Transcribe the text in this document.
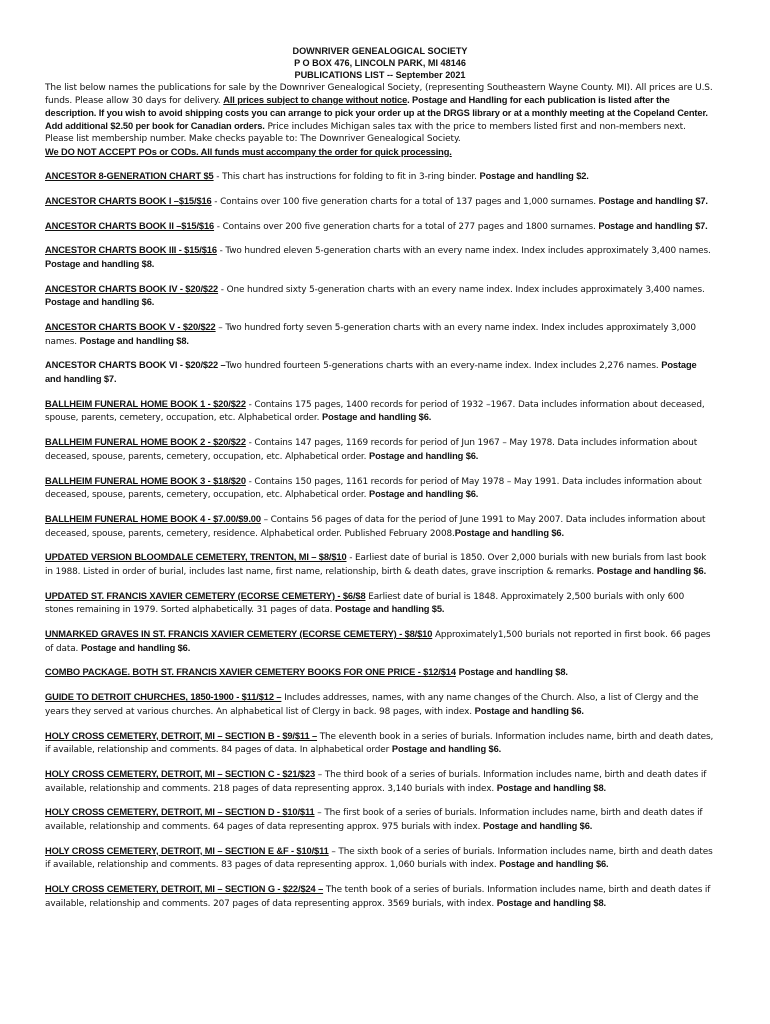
DOWNRIVER GENEALOGICAL SOCIETY
P O BOX 476, LINCOLN PARK, MI 48146
PUBLICATIONS LIST -- September 2021
The list below names the publications for sale by the Downriver Genealogical Society, (representing Southeastern Wayne County. MI). All prices are U.S. funds. Please allow 30 days for delivery. All prices subject to change without notice. Postage and Handling for each publication is listed after the description. If you wish to avoid shipping costs you can arrange to pick your order up at the DRGS library or at a monthly meeting at the Copeland Center. Add additional $2.50 per book for Canadian orders. Price includes Michigan sales tax with the price to members listed first and non-members next. Please list membership number. Make checks payable to: The Downriver Genealogical Society.
We DO NOT ACCEPT POs or CODs. All funds must accompany the order for quick processing.
ANCESTOR 8-GENERATION CHART $5 - This chart has instructions for folding to fit in 3-ring binder. Postage and handling $2.
ANCESTOR CHARTS BOOK I –$15/$16 - Contains over 100 five generation charts for a total of 137 pages and 1,000 surnames. Postage and handling $7.
ANCESTOR CHARTS BOOK II –$15/$16 - Contains over 200 five generation charts for a total of 277 pages and 1800 surnames. Postage and handling $7.
ANCESTOR CHARTS BOOK III - $15/$16 - Two hundred eleven 5-generation charts with an every name index. Index includes approximately 3,400 names. Postage and handling $8.
ANCESTOR CHARTS BOOK IV - $20/$22 - One hundred sixty 5-generation charts with an every name index. Index includes approximately 3,400 names. Postage and handling $6.
ANCESTOR CHARTS BOOK V - $20/$22 – Two hundred forty seven 5-generation charts with an every name index. Index includes approximately 3,000 names. Postage and handling $8.
ANCESTOR CHARTS BOOK VI - $20/$22 –Two hundred fourteen 5-generations charts with an every-name index. Index includes 2,276 names. Postage and handling $7.
BALLHEIM FUNERAL HOME BOOK 1 - $20/$22 - Contains 175 pages, 1400 records for period of 1932 –1967. Data includes information about deceased, spouse, parents, cemetery, occupation, etc. Alphabetical order. Postage and handling $6.
BALLHEIM FUNERAL HOME BOOK 2 - $20/$22 - Contains 147 pages, 1169 records for period of Jun 1967 – May 1978. Data includes information about deceased, spouse, parents, cemetery, occupation, etc. Alphabetical order. Postage and handling $6.
BALLHEIM FUNERAL HOME BOOK 3 - $18/$20 - Contains 150 pages, 1161 records for period of May 1978 – May 1991. Data includes information about deceased, spouse, parents, cemetery, occupation, etc. Alphabetical order. Postage and handling $6.
BALLHEIM FUNERAL HOME BOOK 4 - $7.00/$9.00 – Contains 56 pages of data for the period of June 1991 to May 2007. Data includes information about deceased, spouse, parents, cemetery, residence. Alphabetical order. Published February 2008.Postage and handling $6.
UPDATED VERSION BLOOMDALE CEMETERY, TRENTON, MI – $8/$10 - Earliest date of burial is 1850. Over 2,000 burials with new burials from last book in 1988. Listed in order of burial, includes last name, first name, relationship, birth & death dates, grave inscription & remarks. Postage and handling $6.
UPDATED ST. FRANCIS XAVIER CEMETERY (ECORSE CEMETERY) - $6/$8 Earliest date of burial is 1848. Approximately 2,500 burials with only 600 stones remaining in 1979. Sorted alphabetically. 31 pages of data. Postage and handling $5.
UNMARKED GRAVES IN ST. FRANCIS XAVIER CEMETERY (ECORSE CEMETERY) - $8/$10 Approximately1,500 burials not reported in first book. 66 pages of data. Postage and handling $6.
COMBO PACKAGE. BOTH ST. FRANCIS XAVIER CEMETERY BOOKS FOR ONE PRICE - $12/$14 Postage and handling $8.
GUIDE TO DETROIT CHURCHES, 1850-1900 - $11/$12 – Includes addresses, names, with any name changes of the Church. Also, a list of Clergy and the years they served at various churches. An alphabetical list of Clergy in back. 98 pages, with index. Postage and handling $6.
HOLY CROSS CEMETERY, DETROIT, MI – SECTION B - $9/$11 – The eleventh book in a series of burials. Information includes name, birth and death dates, if available, relationship and comments. 84 pages of data. In alphabetical order Postage and handling $6.
HOLY CROSS CEMETERY, DETROIT, MI – SECTION C - $21/$23 – The third book of a series of burials. Information includes name, birth and death dates if available, relationship and comments. 218 pages of data representing approx. 3,140 burials with index. Postage and handling $8.
HOLY CROSS CEMETERY, DETROIT, MI – SECTION D - $10/$11 – The first book of a series of burials. Information includes name, birth and death dates if available, relationship and comments. 64 pages of data representing approx. 975 burials with index. Postage and handling $6.
HOLY CROSS CEMETERY, DETROIT, MI – SECTION E &F - $10/$11 – The sixth book of a series of burials. Information includes name, birth and death dates if available, relationship and comments. 83 pages of data representing approx. 1,060 burials with index. Postage and handling $6.
HOLY CROSS CEMETERY, DETROIT, MI – SECTION G - $22/$24 – The tenth book of a series of burials. Information includes name, birth and death dates if available, relationship and comments. 207 pages of data representing approx. 3569 burials, with index. Postage and handling $8.
